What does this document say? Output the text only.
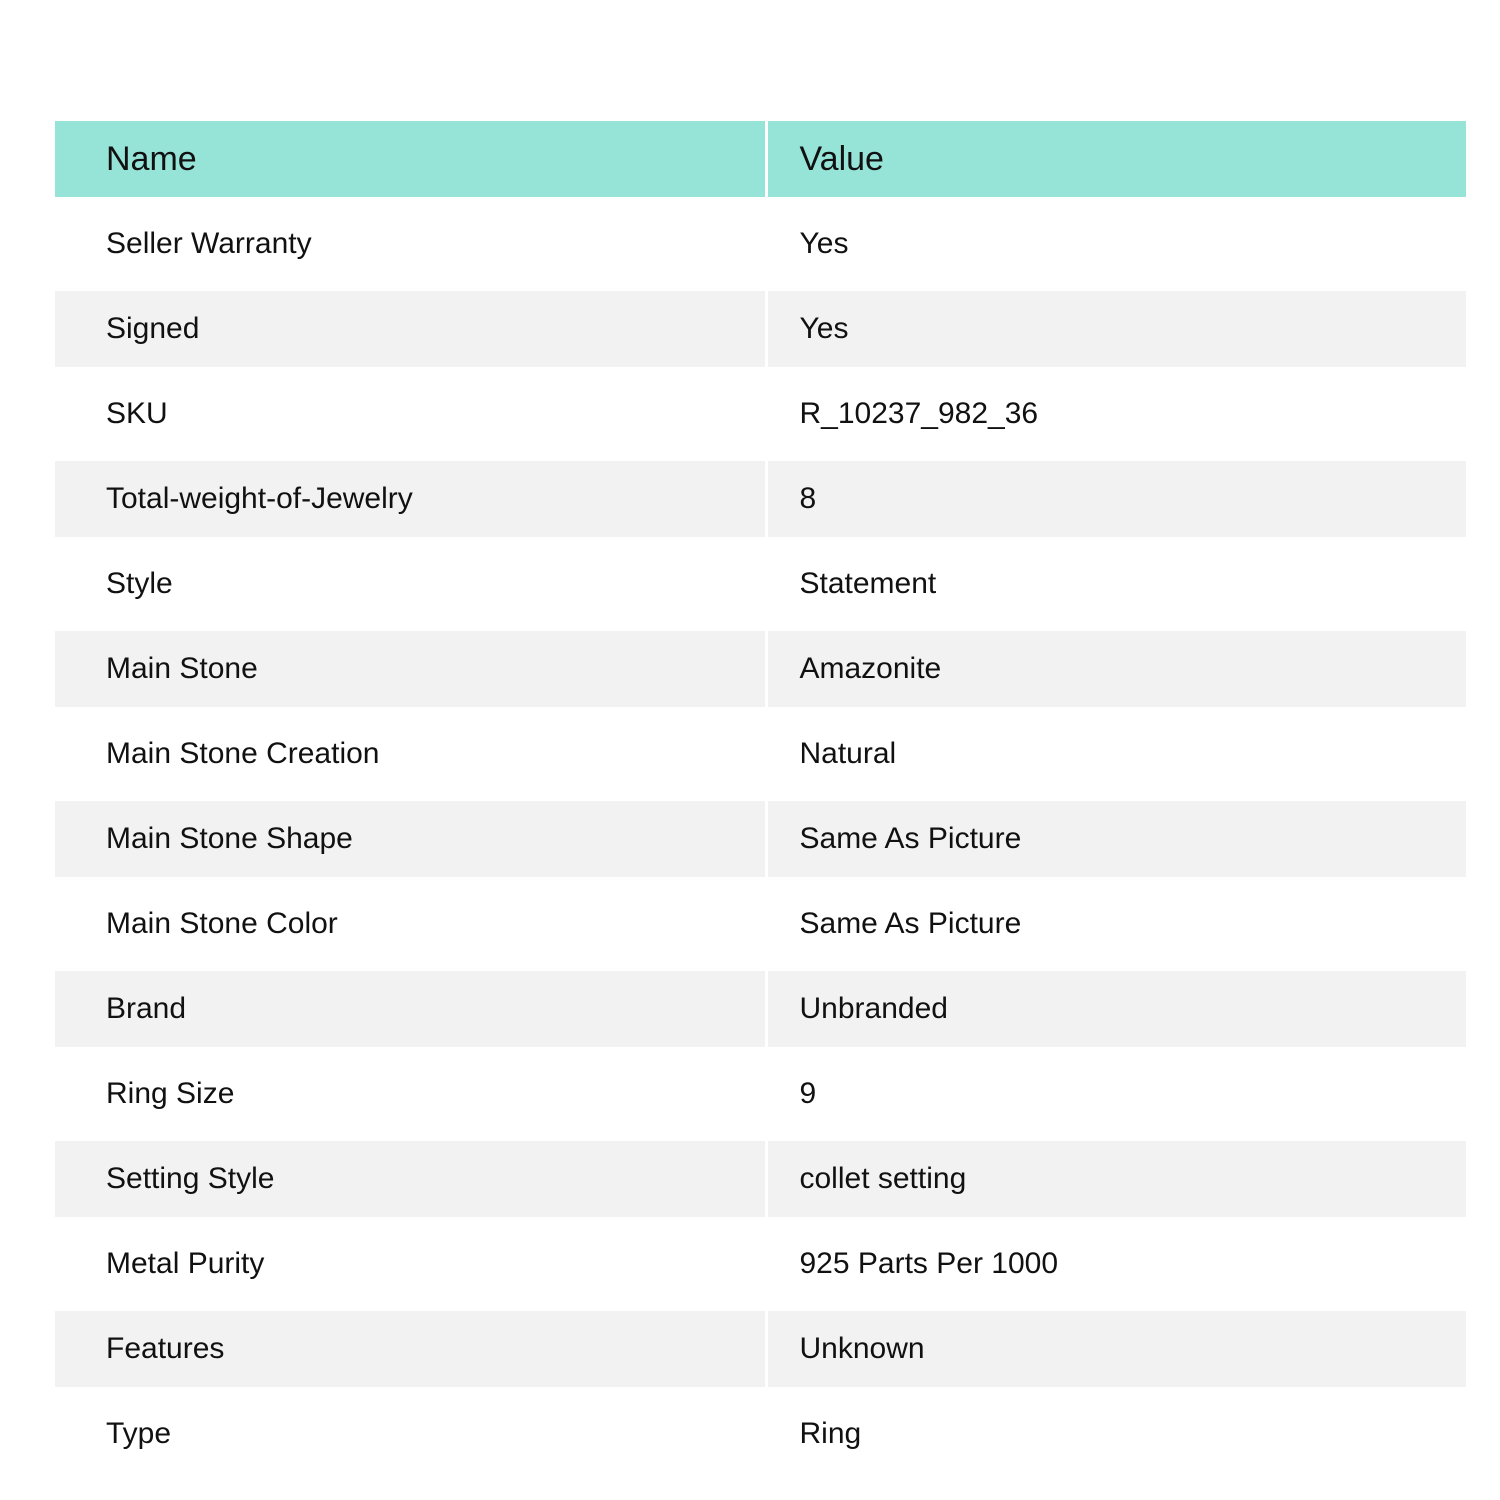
Name	Value
Seller Warranty	Yes
Signed	Yes
SKU	R_10237_982_36
Total-weight-of-Jewelry	8
Style	Statement
Main Stone	Amazonite
Main Stone Creation	Natural
Main Stone Shape	Same As Picture
Main Stone Color	Same As Picture
Brand	Unbranded
Ring Size	9
Setting Style	collet setting
Metal Purity	925 Parts Per 1000
Features	Unknown
Type	Ring
